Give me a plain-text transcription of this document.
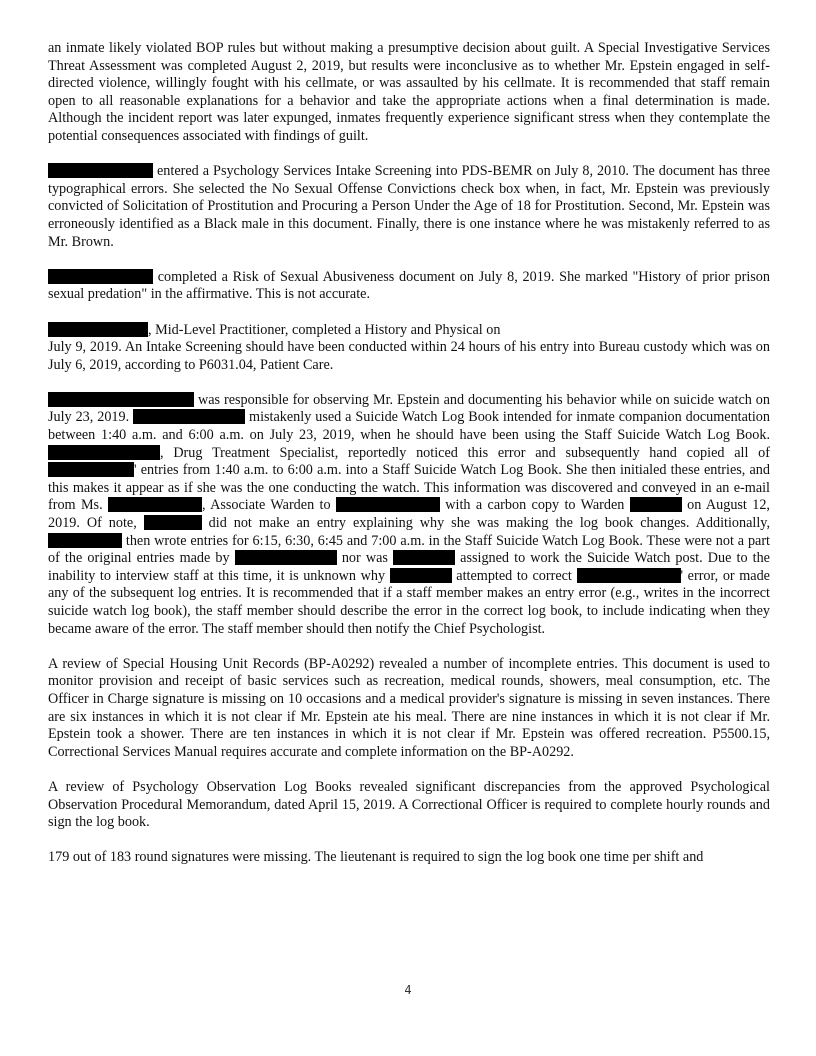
an inmate likely violated BOP rules but without making a presumptive decision about guilt. A Special Investigative Services Threat Assessment was completed August 2, 2019, but results were inconclusive as to whether Mr. Epstein engaged in self- directed violence, willingly fought with his cellmate, or was assaulted by his cellmate. It is recommended that staff remain open to all reasonable explanations for a behavior and take the appropriate actions when a final determination is made. Although the incident report was later expunged, inmates frequently experience significant stress when they contemplate the potential consequences associated with findings of guilt.

entered a Psychology Services Intake Screening into PDS-BEMR on July 8, 2010. The document has three typographical errors. She selected the No Sexual Offense Convictions check box when, in fact, Mr. Epstein was previously convicted of Solicitation of Prostitution and Procuring a Person Under the Age of 18 for Prostitution. Second, Mr. Epstein was erroneously identified as a Black male in this document. Finally, there is one instance where he was mistakenly referred to as Mr. Brown.

completed a Risk of Sexual Abusiveness document on July 8, 2019. She marked "History of prior prison sexual predation" in the affirmative. This is not accurate.

, Mid-Level Practitioner, completed a History and Physical on
July 9, 2019. An Intake Screening should have been conducted within 24 hours of his entry into Bureau custody which was on July 6, 2019, according to P6031.04, Patient Care.

was responsible for observing Mr. Epstein and documenting his behavior while on suicide watch on July 23, 2019.	mistakenly used a Suicide Watch Log Book intended for inmate companion documentation between 1:40 a.m. and 6:00 a.m. on July 23, 2019, when he should have been using the Staff Suicide Watch Log Book. , Drug Treatment Specialist, reportedly noticed this error and subsequently hand copied all of ' entries from 1:40 a.m. to 6:00 a.m. into a Staff Suicide Watch Log Book. She then initialed these entries, and this makes it appear as if she was the one conducting the watch. This information was discovered and conveyed in an e-mail from Ms.	, Associate Warden to	with a carbon copy to Warden	on August 12, 2019. Of note,	did not make an entry explaining why she was making the log book changes. Additionally,  then wrote entries for 6:15, 6:30, 6:45 and 7:00 a.m. in the Staff Suicide Watch Log Book. These were not a part of the original entries made by	nor was	assigned to work the Suicide Watch post. Due to the inability to interview staff at this time, it is unknown why	attempted to correct	' error, or made any of the subsequent log entries. It is recommended that if a staff member makes an entry error (e.g., writes in the incorrect suicide watch log book), the staff member should describe the error in the correct log book, to include indicating when they became aware of the error. The staff member should then notify the Chief Psychologist.

A review of Special Housing Unit Records (BP-A0292) revealed a number of incomplete entries. This document is used to monitor provision and receipt of basic services such as recreation, medical rounds, showers, meal consumption, etc. The Officer in Charge signature is missing on 10 occasions and a medical provider's signature is missing in seven instances. There are six instances in which it is not clear if Mr. Epstein ate his meal. There are nine instances in which it is not clear if Mr. Epstein took a shower. There are ten instances in which it is not clear if Mr. Epstein was offered recreation. P5500.15, Correctional Services Manual requires accurate and complete information on the BP-A0292.

A review of Psychology Observation Log Books revealed significant discrepancies from the approved Psychological Observation Procedural Memorandum, dated April 15, 2019. A Correctional Officer is required to complete hourly rounds and sign the log book.

179 out of 183 round signatures were missing. The lieutenant is required to sign the log book one time per shift and

4
